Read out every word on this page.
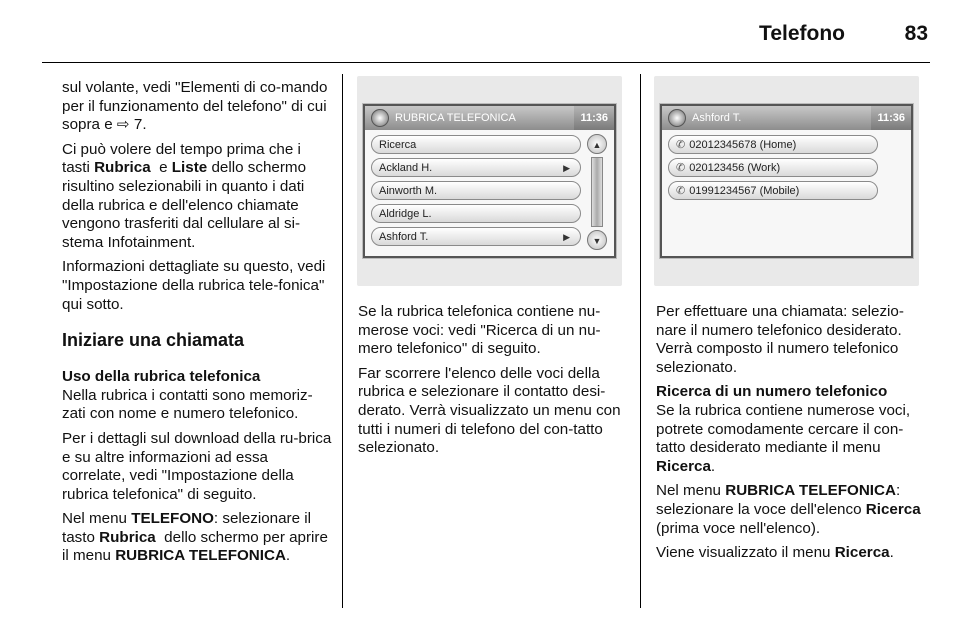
Telefono	83

sul volante, vedi "Elementi di co-mando per il funzionamento del telefono" di cui sopra e ⇨ 7.

Ci può volere del tempo prima che i tasti Rubrica e Liste dello schermo risultino selezionabili in quanto i dati della rubrica e dell'elenco chiamate vengono trasferiti dal cellulare al si-stema Infotainment.

Informazioni dettagliate su questo, vedi "Impostazione della rubrica tele-fonica" qui sotto.

Iniziare una chiamata
Uso della rubrica telefonica

Nella rubrica i contatti sono memoriz-zati con nome e numero telefonico.

Per i dettagli sul download della ru-brica e su altre informazioni ad essa correlate, vedi "Impostazione della rubrica telefonica" di seguito.

Nel menu TELEFONO: selezionare il tasto Rubrica dello schermo per aprire il menu RUBRICA TELEFONICA.

RUBRICA TELEFONICA	11:36
Ricerca
Ackland H.	▶
Ainworth M.
Aldridge L.
Ashford T.	▶
▲
▼

Se la rubrica telefonica contiene nu-merose voci: vedi "Ricerca di un nu-mero telefonico" di seguito.

Far scorrere l'elenco delle voci della rubrica e selezionare il contatto desi-derato. Verrà visualizzato un menu con tutti i numeri di telefono del con-tatto selezionato.

Ashford T.	11:36
✆ 02012345678 (Home)
✆ 020123456 (Work)
✆ 01991234567 (Mobile)

Per effettuare una chiamata: selezio-nare il numero telefonico desiderato. Verrà composto il numero telefonico selezionato.

Ricerca di un numero telefonico

Se la rubrica contiene numerose voci, potrete comodamente cercare il con-tatto desiderato mediante il menu Ricerca.

Nel menu RUBRICA TELEFONICA: selezionare la voce dell'elenco Ricerca (prima voce nell'elenco).

Viene visualizzato il menu Ricerca.
